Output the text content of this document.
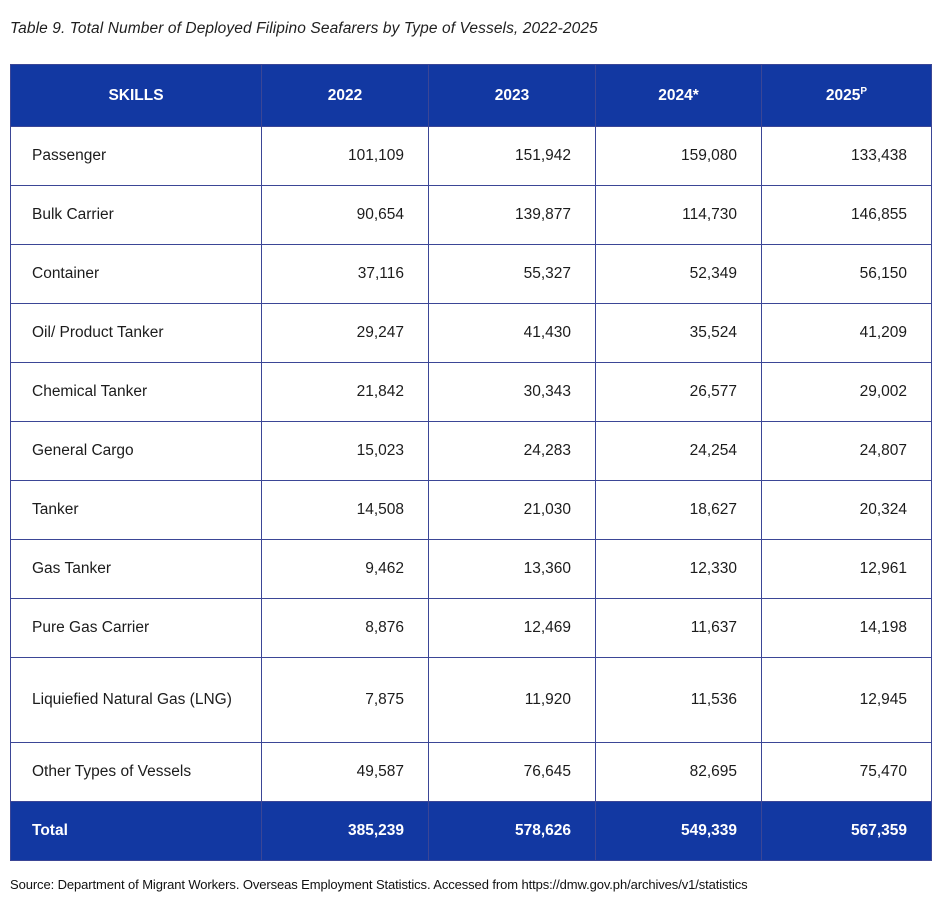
Table 9. Total Number of Deployed Filipino Seafarers by Type of Vessels, 2022-2025
SKILLS	2022	2023	2024*	$2025^P$
Passenger	101,109	151,942	159,080	133,438
Bulk Carrier	90,654	139,877	114,730	146,855
Container	37,116	55,327	52,349	56,150
Oil/ Product Tanker	29,247	41,430	35,524	41,209
Chemical Tanker	21,842	30,343	26,577	29,002
General Cargo	15,023	24,283	24,254	24,807
Tanker	14,508	21,030	18,627	20,324
Gas Tanker	9,462	13,360	12,330	12,961
Pure Gas Carrier	8,876	12,469	11,637	14,198
Liquiefied Natural Gas (LNG)	7,875	11,920	11,536	12,945
Other Types of Vessels	49,587	76,645	82,695	75,470
Total	385,239	578,626	549,339	567,359
Source: Department of Migrant Workers. Overseas Employment Statistics. Accessed from https://dmw.gov.ph/archives/v1/statistics
